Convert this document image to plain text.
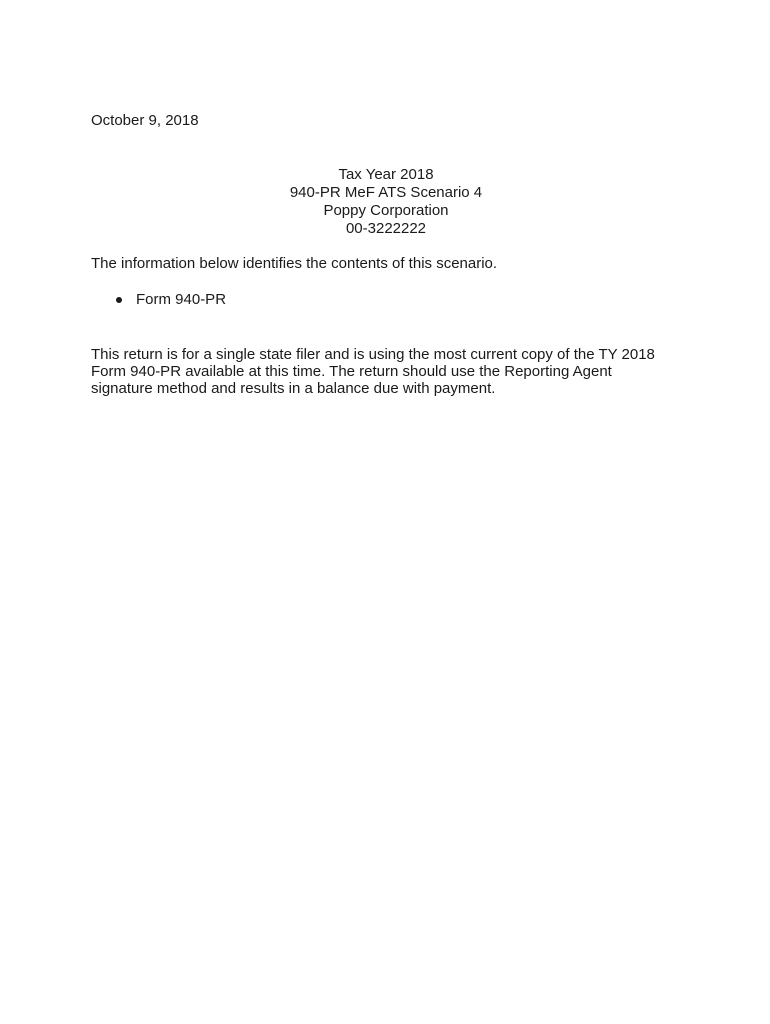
October 9, 2018

Tax Year 2018
940-PR MeF ATS Scenario 4
Poppy Corporation
00-3222222

The information below identifies the contents of this scenario.

Form 940-PR
This return is for a single state filer and is using the most current copy of the TY 2018
Form 940-PR available at this time. The return should use the Reporting Agent
signature method and results in a balance due with payment.
